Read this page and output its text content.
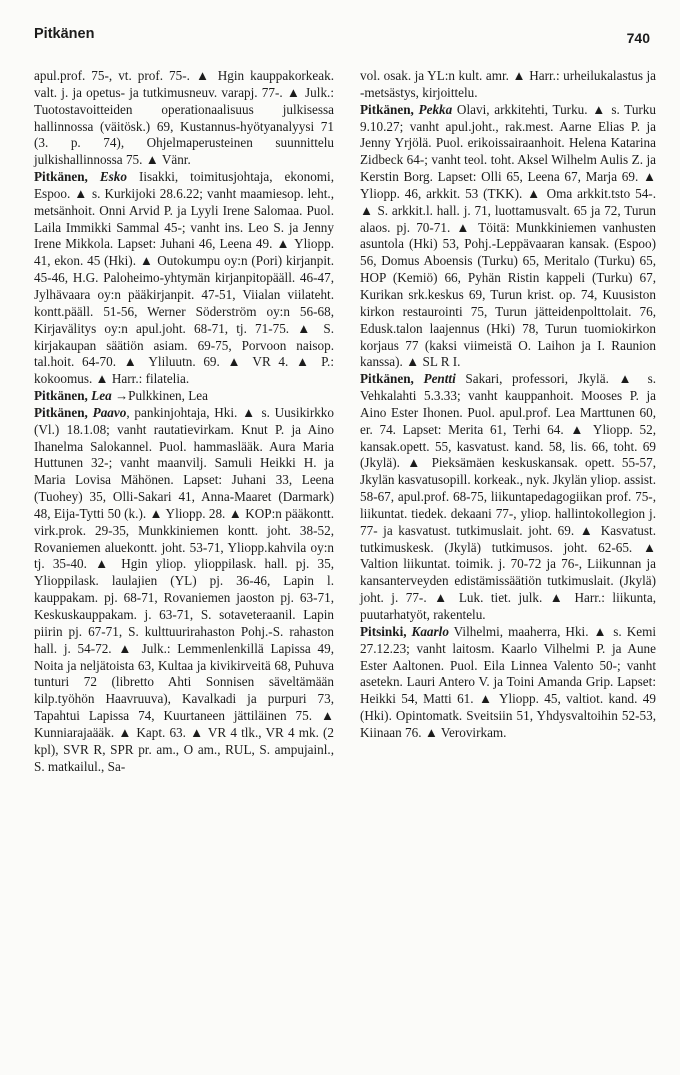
Pitkänen	740

apul.prof. 75-, vt. prof. 75-. ▲ Hgin kauppakorkeak. valt. j. ja opetus- ja tutkimusneuv. varapj. 77-. ▲ Julk.: Tuotostavoitteiden operationaalisuus julkisessa hallinnossa (väitösk.) 69, Kustannus-hyötyanalyysi 71 (3. p. 74), Ohjelmaperusteinen suunnittelu julkishallinnossa 75. ▲ Vänr.

Pitkänen, Esko Iisakki, toimitusjohtaja, ekonomi, Espoo. ▲ s. Kurkijoki 28.6.22; vanht maamiesop. leht., metsänhoit. Onni Arvid P. ja Lyyli Irene Salomaa. Puol. Laila Immikki Sammal 45-; vanht ins. Leo S. ja Jenny Irene Mikkola. Lapset: Juhani 46, Leena 49. ▲ Yliopp. 41, ekon. 45 (Hki). ▲ Outokumpu oy:n (Pori) kirjanpit. 45-46, H.G. Paloheimo-yhtymän kirjanpitopääll. 46-47, Jylhävaara oy:n pääkirjanpit. 47-51, Viialan viilateht. kontt.pääll. 51-56, Werner Söderström oy:n 56-68, Kirjavälitys oy:n apul.joht. 68-71, tj. 71-75. ▲ S. kirjakaupan säätiön asiam. 69-75, Porvoon naisop. tal.hoit. 64-70. ▲ Yliluutn. 69. ▲ VR 4. ▲ P.: kokoomus. ▲ Harr.: filatelia.

Pitkänen, Lea →Pulkkinen, Lea

Pitkänen, Paavo, pankinjohtaja, Hki. ▲ s. Uusikirkko (Vl.) 18.1.08; vanht rautatievirkam. Knut P. ja Aino Ihanelma Salokannel. Puol. hammaslääk. Aura Maria Huttunen 32-; vanht maanvilj. Samuli Heikki H. ja Maria Lovisa Mähönen. Lapset: Juhani 33, Leena (Tuohey) 35, Olli-Sakari 41, Anna-Maaret (Darmark) 48, Eija-Tytti 50 (k.). ▲ Yliopp. 28. ▲ KOP:n pääkontt. virk.prok. 29-35, Munkkiniemen kontt. joht. 38-52, Rovaniemen aluekontt. joht. 53-71, Yliopp.kahvila oy:n tj. 35-40. ▲ Hgin yliop. ylioppilask. hall. pj. 35, Ylioppilask. laulajien (YL) pj. 36-46, Lapin l. kauppakam. pj. 68-71, Rovaniemen jaoston pj. 63-71, Keskuskauppakam. j. 63-71, S. sotaveteraanil. Lapin piirin pj. 67-71, S. kulttuurirahaston Pohj.-S. rahaston hall. j. 54-72. ▲ Julk.: Lemmenlenkillä Lapissa 49, Noita ja neljätoista 63, Kultaa ja kivikirveitä 68, Puhuva tunturi 72 (libretto Ahti Sonnisen säveltämään kilp.työhön Haavruuva), Kavalkadi ja purpuri 73, Tapahtui Lapissa 74, Kuurtaneen jättiläinen 75. ▲ Kunniarajaääk. ▲ Kapt. 63. ▲ VR 4 tlk., VR 4 mk. (2 kpl), SVR R, SPR pr. am., O am., RUL, S. ampujainl., S. matkailul., Sa-

vol. osak. ja YL:n kult. amr. ▲ Harr.: urheilukalastus ja -metsästys, kirjoittelu.

Pitkänen, Pekka Olavi, arkkitehti, Turku. ▲ s. Turku 9.10.27; vanht apul.joht., rak.mest. Aarne Elias P. ja Jenny Yrjölä. Puol. erikoissairaanhoit. Helena Katarina Zidbeck 64-; vanht teol. toht. Aksel Wilhelm Aulis Z. ja Kerstin Borg. Lapset: Olli 65, Leena 67, Marja 69. ▲ Yliopp. 46, arkkit. 53 (TKK). ▲ Oma arkkit.tsto 54-. ▲ S. arkkit.l. hall. j. 71, luottamusvalt. 65 ja 72, Turun alaos. pj. 70-71. ▲ Töitä: Munkkiniemen vanhusten asuntola (Hki) 53, Pohj.-Leppävaaran kansak. (Espoo) 56, Domus Aboensis (Turku) 65, Meritalo (Turku) 65, HOP (Kemiö) 66, Pyhän Ristin kappeli (Turku) 67, Kurikan srk.keskus 69, Turun krist. op. 74, Kuusiston kirkon restaurointi 75, Turun jätteidenpolttolait. 76, Edusk.talon laajennus (Hki) 78, Turun tuomiokirkon korjaus 77 (kaksi viimeistä O. Laihon ja I. Raunion kanssa). ▲ SL R I.

Pitkänen, Pentti Sakari, professori, Jkylä. ▲ s. Vehkalahti 5.3.33; vanht kauppanhoit. Mooses P. ja Aino Ester Ihonen. Puol. apul.prof. Lea Marttunen 60, er. 74. Lapset: Merita 61, Terhi 64. ▲ Yliopp. 52, kansak.opett. 55, kasvatust. kand. 58, lis. 66, toht. 69 (Jkylä). ▲ Pieksämäen keskuskansak. opett. 55-57, Jkylän kasvatusopill. korkeak., nyk. Jkylän yliop. assist. 58-67, apul.prof. 68-75, liikuntapedagogiikan prof. 75-, liikuntat. tiedek. dekaani 77-, yliop. hallintokollegion j. 77- ja kasvatust. tutkimuslait. joht. 69. ▲ Kasvatust. tutkimuskesk. (Jkylä) tutkimusos. joht. 62-65. ▲ Valtion liikuntat. toimik. j. 70-72 ja 76-, Liikunnan ja kansanterveyden edistämissäätiön tutkimuslait. (Jkylä) joht. j. 77-. ▲ Luk. tiet. julk. ▲ Harr.: liikunta, puutarhatyöt, rakentelu.

Pitsinki, Kaarlo Vilhelmi, maaherra, Hki. ▲ s. Kemi 27.12.23; vanht laitosm. Kaarlo Vilhelmi P. ja Aune Ester Aaltonen. Puol. Eila Linnea Valento 50-; vanht asetekn. Lauri Antero V. ja Toini Amanda Grip. Lapset: Heikki 54, Matti 61. ▲ Yliopp. 45, valtiot. kand. 49 (Hki). Opintomatk. Sveitsiin 51, Yhdysvaltoihin 52-53, Kiinaan 76. ▲ Verovirkam.
